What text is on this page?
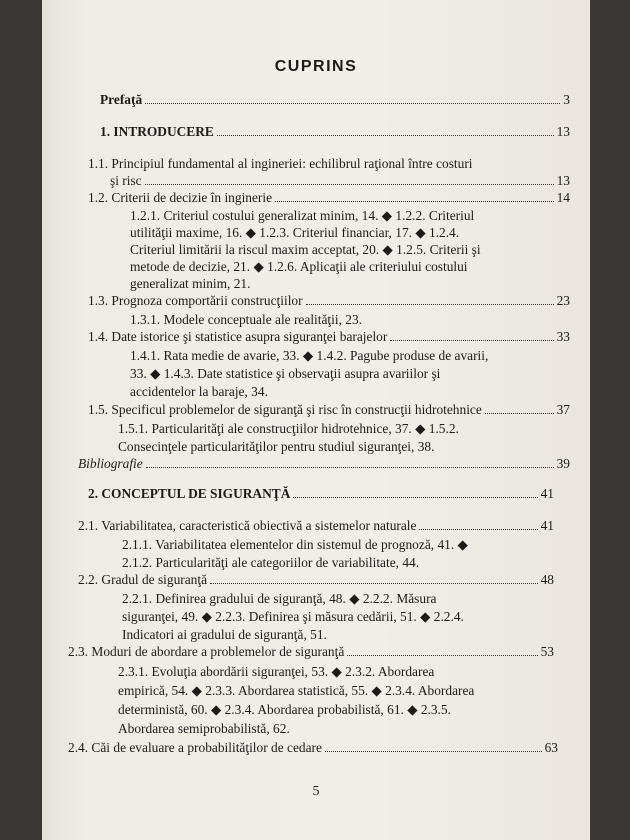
CUPRINS
Prefaţă	3
1. INTRODUCERE	13
1.1. Principiul fundamental al ingineriei: echilibrul raţional între costuri
şi risc	13
1.2. Criterii de decizie în inginerie	14
1.2.1. Criteriul costului generalizat minim, 14. ◆ 1.2.2. Criteriul
utilităţii maxime, 16. ◆ 1.2.3. Criteriul financiar, 17. ◆ 1.2.4.
Criteriul limitării la riscul maxim acceptat, 20. ◆ 1.2.5. Criterii şi
metode de decizie, 21. ◆ 1.2.6. Aplicaţii ale criteriului costului
generalizat minim, 21.
1.3. Prognoza comportării construcţiilor	23
1.3.1. Modele conceptuale ale realităţii, 23.
1.4. Date istorice şi statistice asupra siguranţei barajelor	33
1.4.1. Rata medie de avarie, 33. ◆ 1.4.2. Pagube produse de avarii,
33. ◆ 1.4.3. Date statistice şi observaţii asupra avariilor şi
accidentelor la baraje, 34.
1.5. Specificul problemelor de siguranţă şi risc în construcţii hidrotehnice	37
1.5.1. Particularităţi ale construcţiilor hidrotehnice, 37. ◆ 1.5.2.
Consecinţele particularităţilor pentru studiul siguranţei, 38.
Bibliografie	39
2. CONCEPTUL DE SIGURANŢĂ	41
2.1. Variabilitatea, caracteristică obiectivă a sistemelor naturale	41
2.1.1. Variabilitatea elementelor din sistemul de prognoză, 41. ◆
2.1.2. Particularităţi ale categoriilor de variabilitate, 44.
2.2. Gradul de siguranţă	48
2.2.1. Definirea gradului de siguranţă, 48. ◆ 2.2.2. Măsura
siguranţei, 49. ◆ 2.2.3. Definirea şi măsura cedării, 51. ◆ 2.2.4.
Indicatori ai gradului de siguranţă, 51.
2.3. Moduri de abordare a problemelor de siguranţă	53
2.3.1. Evoluţia abordării siguranţei, 53. ◆ 2.3.2. Abordarea
empirică, 54. ◆ 2.3.3. Abordarea statistică, 55. ◆ 2.3.4. Abordarea
deterministă, 60. ◆ 2.3.4. Abordarea probabilistă, 61. ◆ 2.3.5.
Abordarea semiprobabilistă, 62.
2.4. Căi de evaluare a probabilităţilor de cedare	63
5
